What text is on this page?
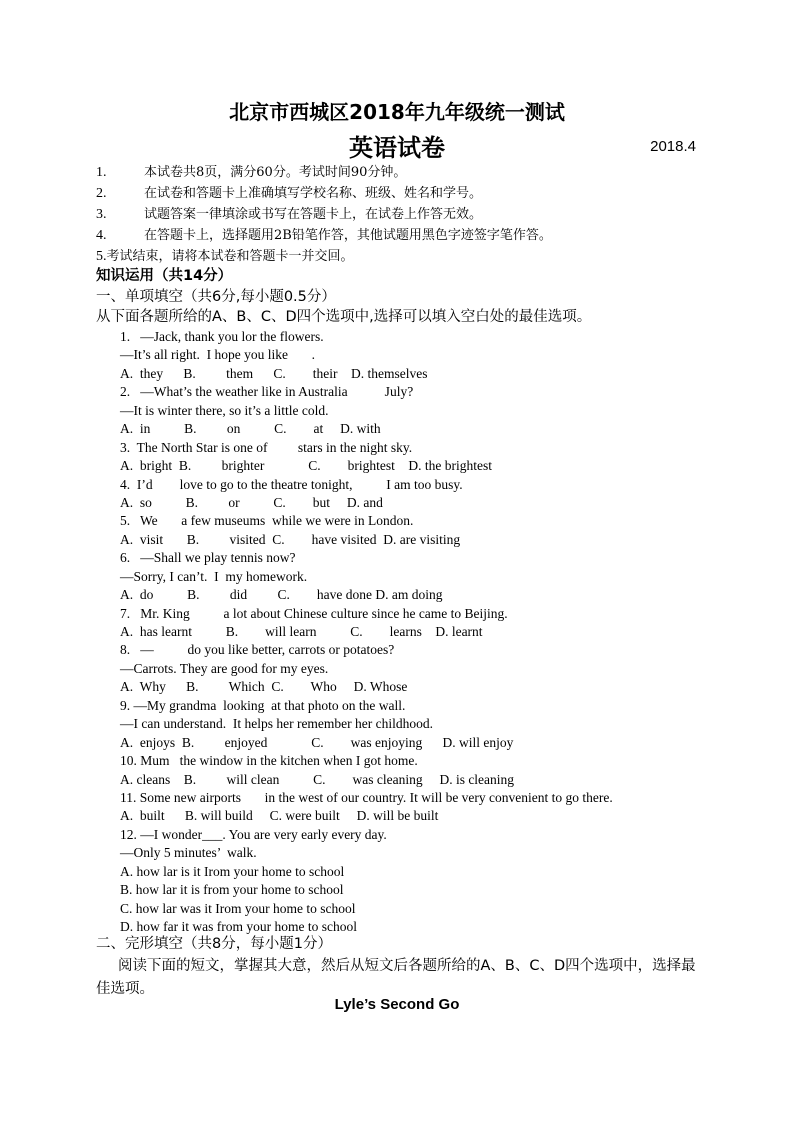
北京市西城区2018年九年级统一测试
英语试卷	2018.4
1.	本试卷共8页，满分60分。考试时间90分钟。
2.	在试卷和答题卡上准确填写学校名称、班级、姓名和学号。
3.	试题答案一律填涂或书写在答题卡上，在试卷上作答无效。
4.	在答题卡上，选择题用2B铅笔作答，其他试题用黑色字迹签字笔作答。
5. 考试结束，请将本试卷和答题卡一并交回。
知识运用（共14分）
一、单项填空（共6分,每小题0.5分）
从下面各题所给的A、B、C、D四个选项中,选择可以填入空白处的最佳选项。
1.   —Jack, thank you lor the flowers.
—It’s all right.  I hope you like       .
A.  they      B.         them      C.        their    D. themselves
2.   —What’s the weather like in Australia           July?
—It is winter there, so it’s a little cold.
A.  in          B.         on          C.        at     D. with
3.  The North Star is one of         stars in the night sky.
A.  bright  B.         brighter             C.        brightest    D. the brightest
4.  I’d        love to go to the theatre tonight,          I am too busy.
A.  so          B.         or          C.        but     D. and
5.   We       a few museums  while we were in London.
A.  visit       B.         visited  C.        have visited  D. are visiting
6.   —Shall we play tennis now?
—Sorry, I can’t.  I  my homework.
A.  do          B.         did         C.        have done D. am doing
7.   Mr. King          a lot about Chinese culture since he came to Beijing.
A.  has learnt          B.        will learn          C.        learns    D. learnt
8.   —          do you like better, carrots or potatoes?
—Carrots. They are good for my eyes.
A.  Why      B.         Which  C.        Who     D. Whose
9. —My grandma  looking  at that photo on the wall.
—I can understand.  It helps her remember her childhood.
A.  enjoys  B.         enjoyed             C.        was enjoying      D. will enjoy
10. Mum   the window in the kitchen when I got home.
A. cleans    B.         will clean          C.        was cleaning     D. is cleaning
11. Some new airports       in the west of our country. It will be very convenient to go there.
A.  built      B. will build     C. were built     D. will be built
12. —I wonder___. You are very early every day.
—Only 5 minutes’  walk.
A. how lar is it Irom your home to school
B. how lar it is from your home to school
C. how lar was it Irom your home to school
D. how far it was from your home to school
二、完形填空（共8分，每小题1分）
阅读下面的短文，掌握其大意，然后从短文后各题所给的A、B、C、D四个选项中，选择最佳选项。
Lyle’s Second Go
